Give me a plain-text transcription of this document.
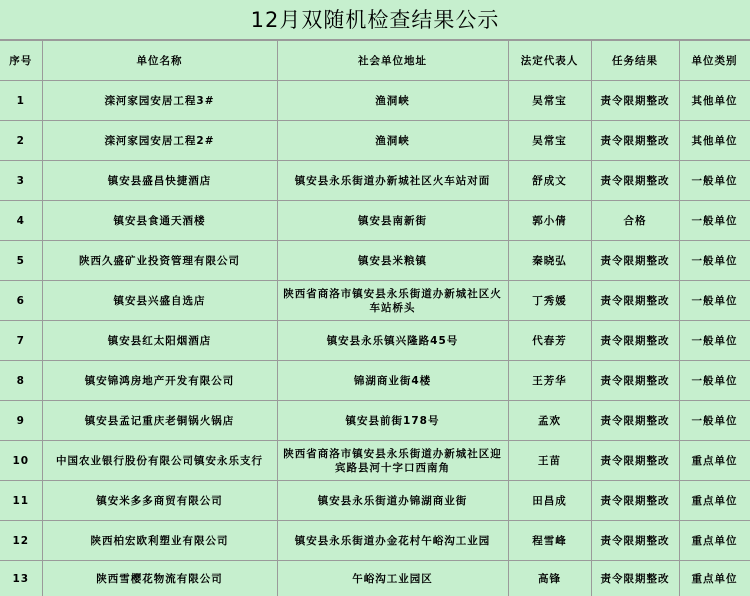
12月双随机检查结果公示
序号	单位名称	社会单位地址	法定代表人	任务结果	单位类别
1	滦河家园安居工程3#	渔洞峡	吴常宝	责令限期整改	其他单位
2	滦河家园安居工程2#	渔洞峡	吴常宝	责令限期整改	其他单位
3	镇安县盛昌快捷酒店	镇安县永乐街道办新城社区火车站对面	舒成文	责令限期整改	一般单位
4	镇安县食通天酒楼	镇安县南新街	郭小倩	合格	一般单位
5	陕西久盛矿业投资管理有限公司	镇安县米粮镇	秦晓弘	责令限期整改	一般单位
6	镇安县兴盛自选店	陕西省商洛市镇安县永乐街道办新城社区火车站桥头	丁秀媛	责令限期整改	一般单位
7	镇安县红太阳烟酒店	镇安县永乐镇兴隆路45号	代春芳	责令限期整改	一般单位
8	镇安锦鸿房地产开发有限公司	锦湖商业街4楼	王芳华	责令限期整改	一般单位
9	镇安县孟记重庆老铜锅火锅店	镇安县前街178号	孟欢	责令限期整改	一般单位
10	中国农业银行股份有限公司镇安永乐支行	陕西省商洛市镇安县永乐街道办新城社区迎宾路县河十字口西南角	王苗	责令限期整改	重点单位
11	镇安米多多商贸有限公司	镇安县永乐街道办锦湖商业街	田昌成	责令限期整改	重点单位
12	陕西柏宏欧利塑业有限公司	镇安县永乐街道办金花村午峪沟工业园	程雪峰	责令限期整改	重点单位
13	陕西雪樱花物流有限公司	午峪沟工业园区	高锋	责令限期整改	重点单位
